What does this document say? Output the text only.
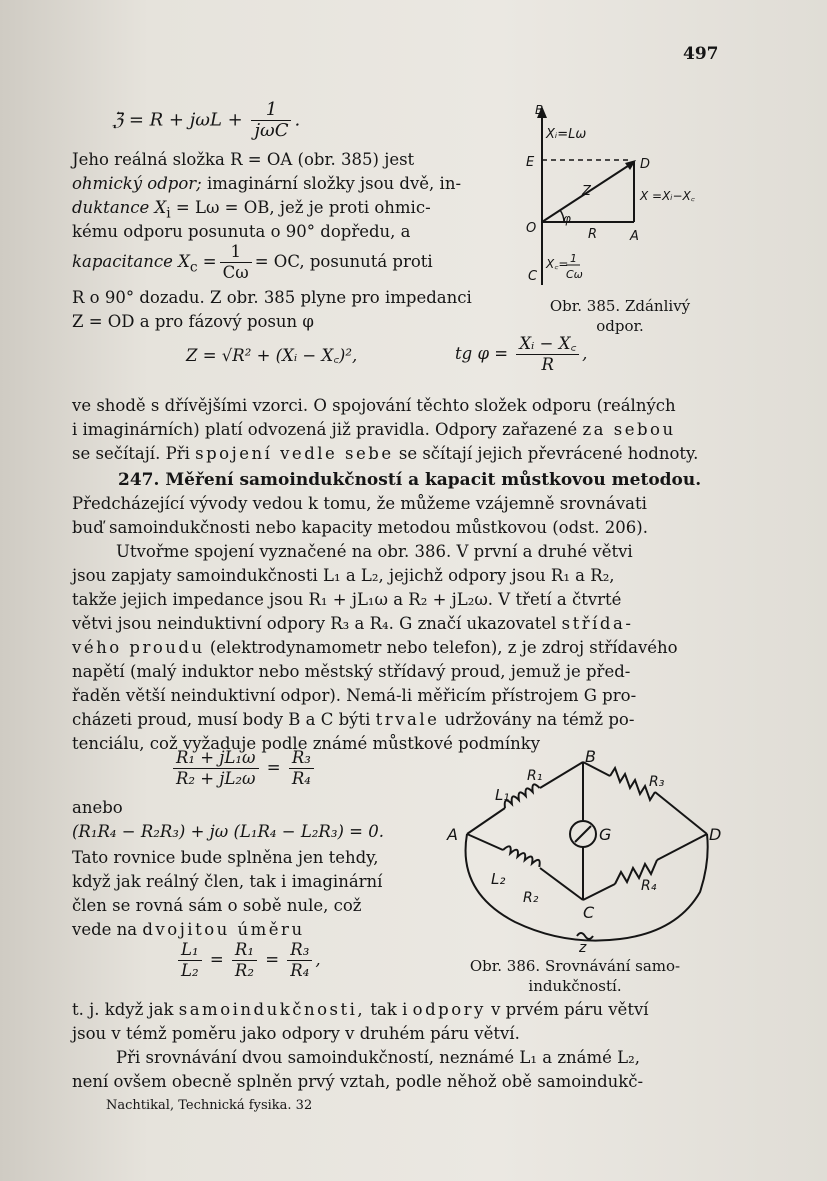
497
ℨ = $R + j\omega L + \frac{1}{\text{jωC}}$ .
Jeho reálná složka R = OA (obr. 385) jest
ohmický odpor; imaginární složky jsou dvě, in-
duktance $X_i = L\omega$ = OB, jež je proti ohmic-
kému odporu posunuta o 90° dopředu, a
kapacitance $X_c = \frac{1}{C\omega}$ = OC, posunutá proti
R o 90° dozadu. Z obr. 385 plyne pro impedanci
Z = OD a pro fázový posun φ
B
Xᵢ=Lω
E	D
X =Xᵢ−X꜀
Z
φ
O	R	A
X꜀= 1
Cω
C
Obr. 385. Zdánlivý
odpor.
Z = √R² + (Xᵢ − X꜀)²,	tg $\varphi = \frac{\text{Xᵢ − X꜀}}{R}$ ,
ve shodě s dřívějšími vzorci. O spojování těchto složek odporu (reálných
i imaginárních) platí odvozená již pravidla. Odpory zařazené za sebou
se sečítají. Při spojení vedle sebe se sčítají jejich převrácené hodnoty.
247. Měření samoindukčností a kapacit můstkovou metodou.
Předcházející vývody vedou k tomu, že můžeme vzájemně srovnávati
buď samoindukčnosti nebo kapacity metodou můstkovou (odst. 206).
Utvořme spojení vyznačené na obr. 386. V první a druhé větvi
jsou zapjaty samoindukčnosti L₁ a L₂, jejichž odpory jsou R₁ a R₂,
takže jejich impedance jsou R₁ + jL₁ω a R₂ + jL₂ω. V třetí a čtvrté
větvi jsou neinduktivní odpory R₃ a R₄. G značí ukazovatel střída-
vého proudu (elektrodynamometr nebo telefon), z je zdroj střídavého
napětí (malý induktor nebo městský střídavý proud, jemuž je před-
řaděn větší neinduktivní odpor). Nemá-li měřicím přístrojem G pro-
cházeti proud, musí body B a C býti trvale udržovány na témž po-
tenciálu, což vyžaduje podle známé můstkové podmínky
$\frac{\text{R₁ + jL₁ω}}{\text{R₂ + jL₂ω}} = \frac{\text{R₃}}{\text{R₄}}$
anebo
(R₁R₄ − R₂R₃) + jω (L₁R₄ − L₂R₃) = 0.
Tato rovnice bude splněna jen tehdy,
když jak reálný člen, tak i imaginární
člen se rovná sám o sobě nule, což
vede na dvojitou úměru
$\frac{\text{L₁}}{\text{L₂}} = \frac{\text{R₁}}{\text{R₂}} = \frac{\text{R₃}}{\text{R₄}}$ ,
A
B
C
D
G
L₁
R₁	R₃
L₂
R₂
R₄
z
Obr. 386. Srovnávání samo-
indukčností.
t. j. když jak samoindukčnosti, tak i odpory v prvém páru větví
jsou v témž poměru jako odpory v druhém páru větví.
Při srovnávání dvou samoindukčností, neznámé L₁ a známé L₂,
není ovšem obecně splněn prvý vztah, podle něhož obě samoindukč-
Nachtikal, Technická fysika. 32
